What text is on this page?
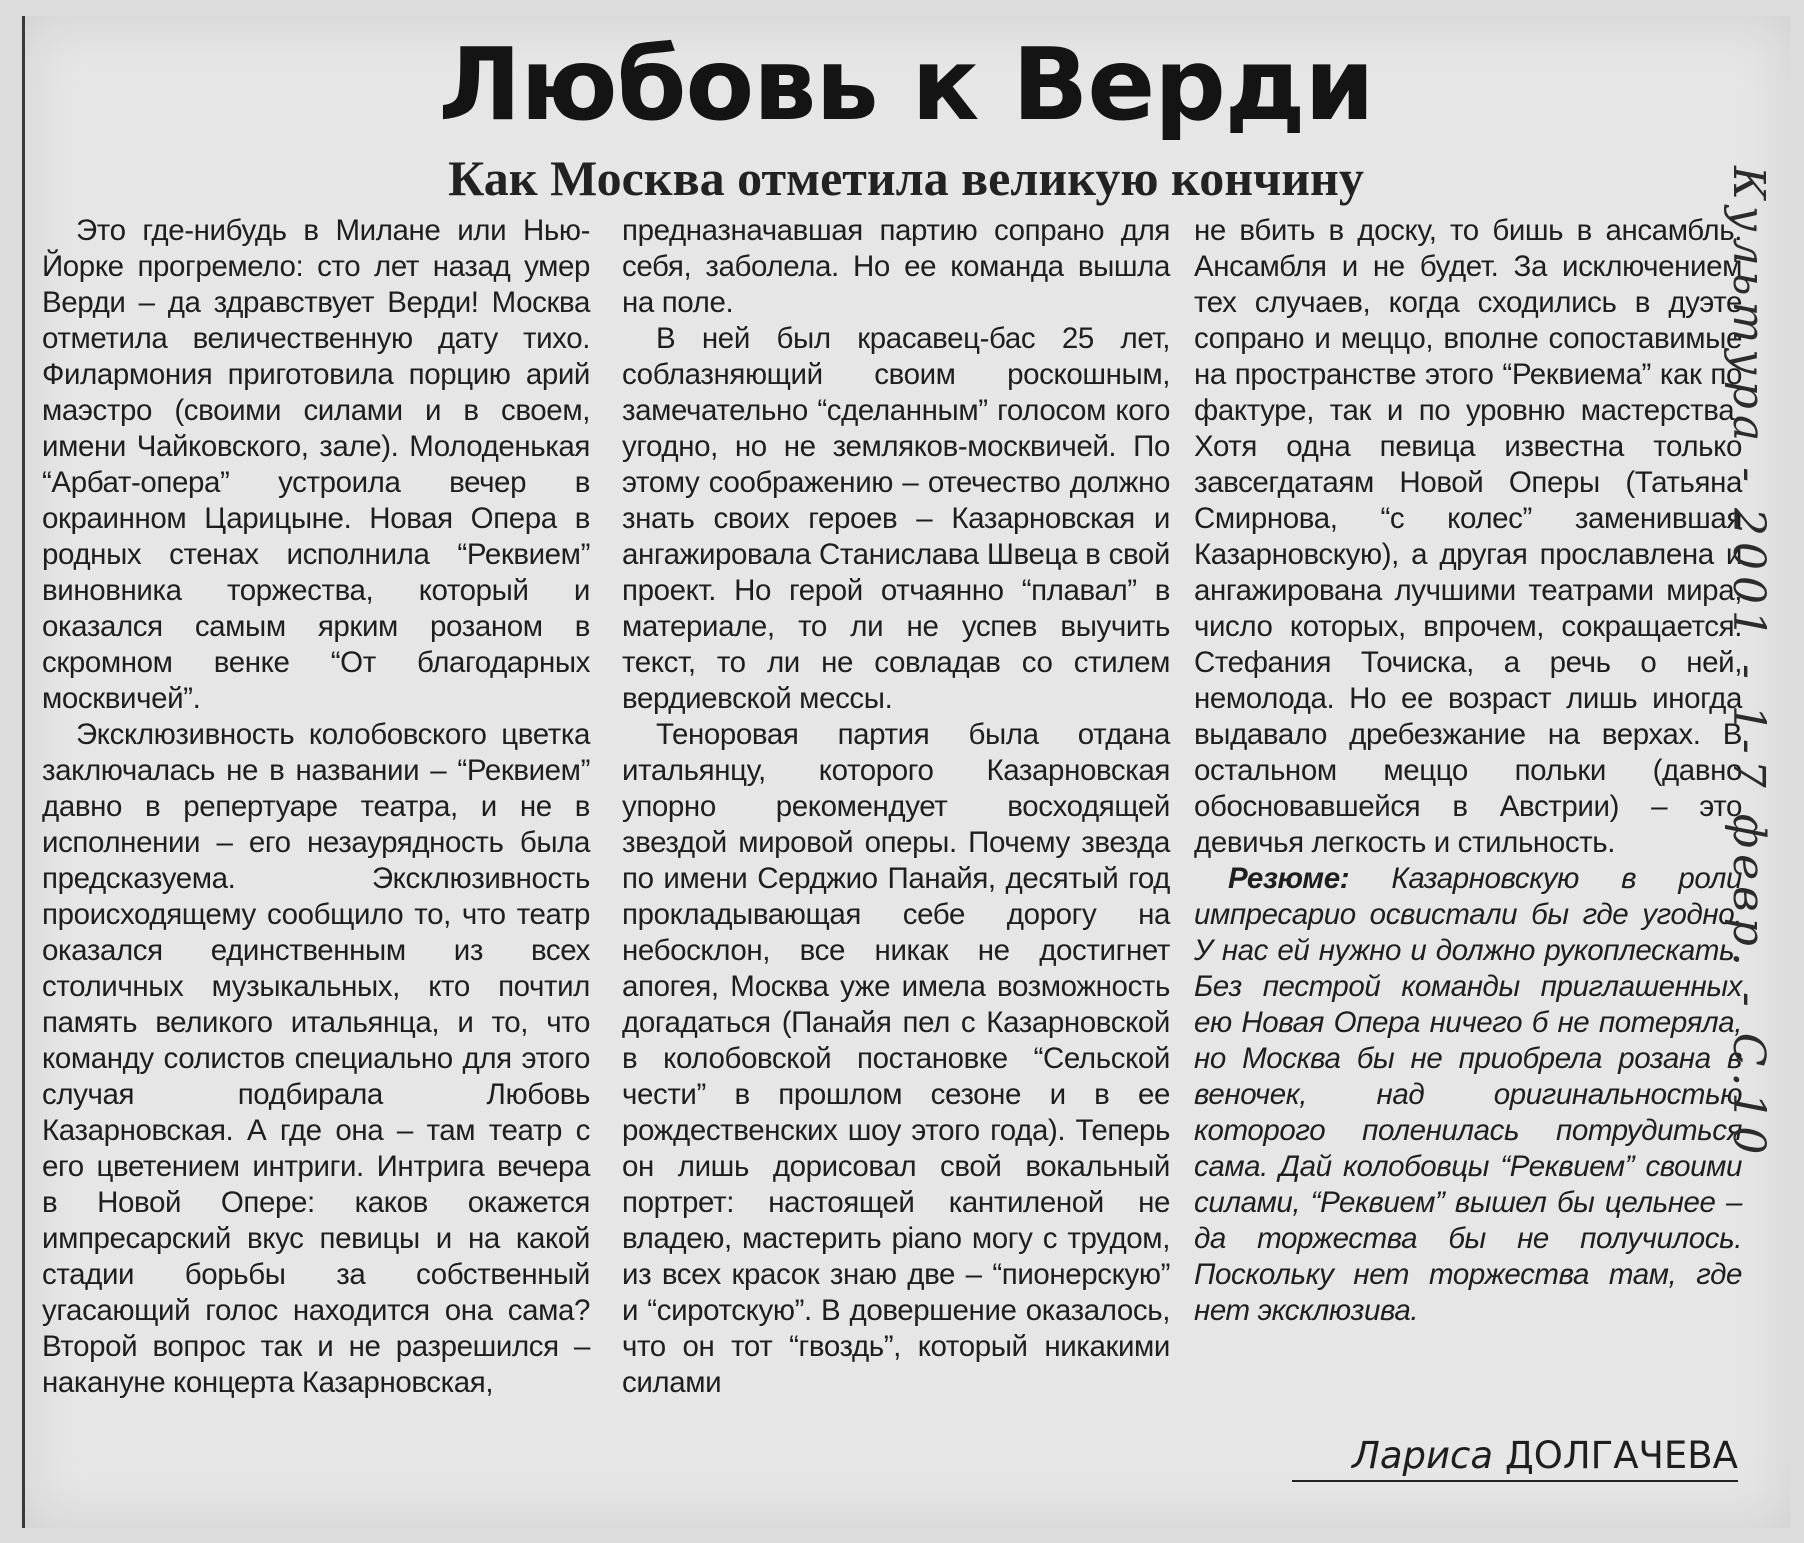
Любовь к Верди
Как Москва отметила великую кончину

Это где-нибудь в Милане или Нью-Йорке прогремело: сто лет назад умер Верди – да здравствует Верди! Москва отметила величественную дату тихо. Филармония приготовила порцию арий маэстро (своими силами и в своем, имени Чайковского, зале). Молоденькая “Арбат-опера” устроила вечер в окраинном Царицыне. Новая Опера в родных стенах исполнила “Реквием” виновника торжества, который и оказался самым ярким розаном в скромном венке “От благодарных москвичей”.

Эксклюзивность колобовского цветка заключалась не в названии – “Реквием” давно в репертуаре театра, и не в исполнении – его незаурядность была предсказуема. Эксклюзивность происходящему сообщило то, что театр оказался единственным из всех столичных музыкальных, кто почтил память великого итальянца, и то, что команду солистов специально для этого случая подбирала Любовь Казарновская. А где она – там театр с его цветением интриги. Интрига вечера в Новой Опере: каков окажется импресарский вкус певицы и на какой стадии борьбы за собственный угасающий голос находится она сама? Второй вопрос так и не разрешился – накануне концерта Казарновская,

предназначавшая партию сопрано для себя, заболела. Но ее команда вышла на поле.

В ней был красавец-бас 25 лет, соблазняющий своим роскошным, замечательно “сделанным” голосом кого угодно, но не земляков-москвичей. По этому соображению – отечество должно знать своих героев – Казарновская и ангажировала Станислава Швеца в свой проект. Но герой отчаянно “плавал” в материале, то ли не успев выучить текст, то ли не совладав со стилем вердиевской мессы.

Теноровая партия была отдана итальянцу, которого Казарновская упорно рекомендует восходящей звездой мировой оперы. Почему звезда по имени Серджио Панайя, десятый год прокладывающая себе дорогу на небосклон, все никак не достигнет апогея, Москва уже имела возможность догадаться (Панайя пел с Казарновской в колобовской постановке “Сельской чести” в прошлом сезоне и в ее рождественских шоу этого года). Теперь он лишь дорисовал свой вокальный портрет: настоящей кантиленой не владею, мастерить piano могу с трудом, из всех красок знаю две – “пионерскую” и “сиротскую”. В довершение оказалось, что он тот “гвоздь”, который никакими силами

не вбить в доску, то бишь в ансамбль. Ансамбля и не будет. За исключением тех случаев, когда сходились в дуэте сопрано и меццо, вполне сопоставимые на пространстве этого “Реквиема” как по фактуре, так и по уровню мастерства. Хотя одна певица известна только завсегдатаям Новой Оперы (Татьяна Смирнова, “с колес” заменившая Казарновскую), а другая прославлена и ангажирована лучшими театрами мира, число которых, впрочем, сокращается. Стефания Точиска, а речь о ней, немолода. Но ее возраст лишь иногда выдавало дребезжание на верхах. В остальном меццо польки (давно обосновавшейся в Австрии) – это девичья легкость и стильность.

Резюме: Казарновскую в роли импресарио освистали бы где угодно. У нас ей нужно и должно рукоплескать. Без пестрой команды приглашенных ею Новая Опера ничего б не потеряла, но Москва бы не приобрела розана в веночек, над оригинальностью которого поленилась потрудиться сама. Дай колобовцы “Реквием” своими силами, “Реквием” вышел бы цельнее – да торжества бы не получилось. Поскольку нет торжества там, где нет эксклюзива.

Лариса ДОЛГАЧЕВА
Культура - 2001 - 1-7 февр. - С.10
